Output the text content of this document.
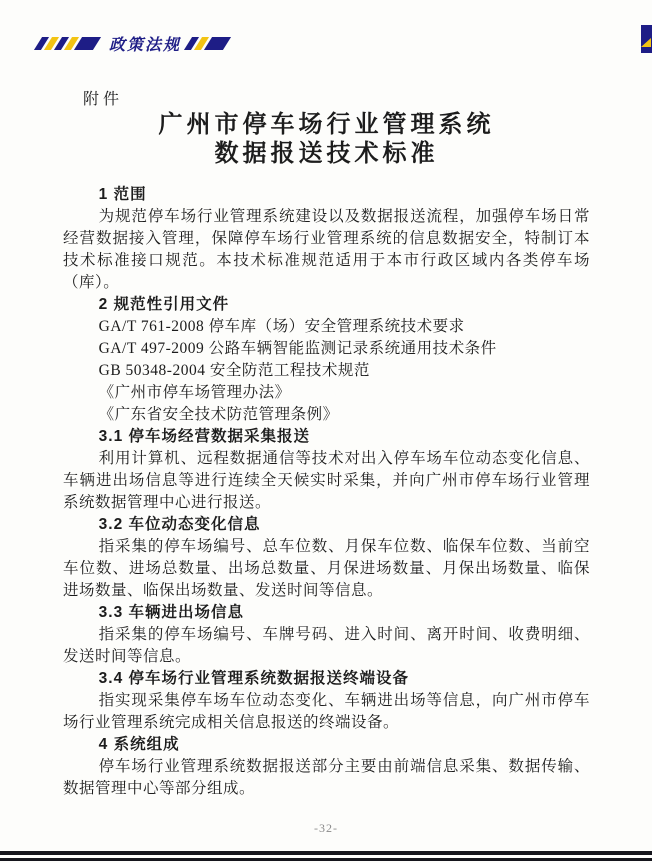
政策法规
附件
广州市停车场行业管理系统
数据报送技术标准
1 范围

为规范停车场行业管理系统建设以及数据报送流程，加强停车场日常经营数据接入管理，保障停车场行业管理系统的信息数据安全，特制订本技术标准接口规范。本技术标准规范适用于本市行政区域内各类停车场（库）。

2 规范性引用文件
GA/T 761-2008 停车库（场）安全管理系统技术要求
GA/T 497-2009 公路车辆智能监测记录系统通用技术条件
GB 50348-2004 安全防范工程技术规范
《广州市停车场管理办法》
《广东省安全技术防范管理条例》
3.1 停车场经营数据采集报送

利用计算机、远程数据通信等技术对出入停车场车位动态变化信息、车辆进出场信息等进行连续全天候实时采集，并向广州市停车场行业管理系统数据管理中心进行报送。

3.2 车位动态变化信息

指采集的停车场编号、总车位数、月保车位数、临保车位数、当前空车位数、进场总数量、出场总数量、月保进场数量、月保出场数量、临保进场数量、临保出场数量、发送时间等信息。

3.3 车辆进出场信息

指采集的停车场编号、车牌号码、进入时间、离开时间、收费明细、发送时间等信息。

3.4 停车场行业管理系统数据报送终端设备

指实现采集停车场车位动态变化、车辆进出场等信息，向广州市停车场行业管理系统完成相关信息报送的终端设备。

4 系统组成

停车场行业管理系统数据报送部分主要由前端信息采集、数据传输、数据管理中心等部分组成。

-32-
